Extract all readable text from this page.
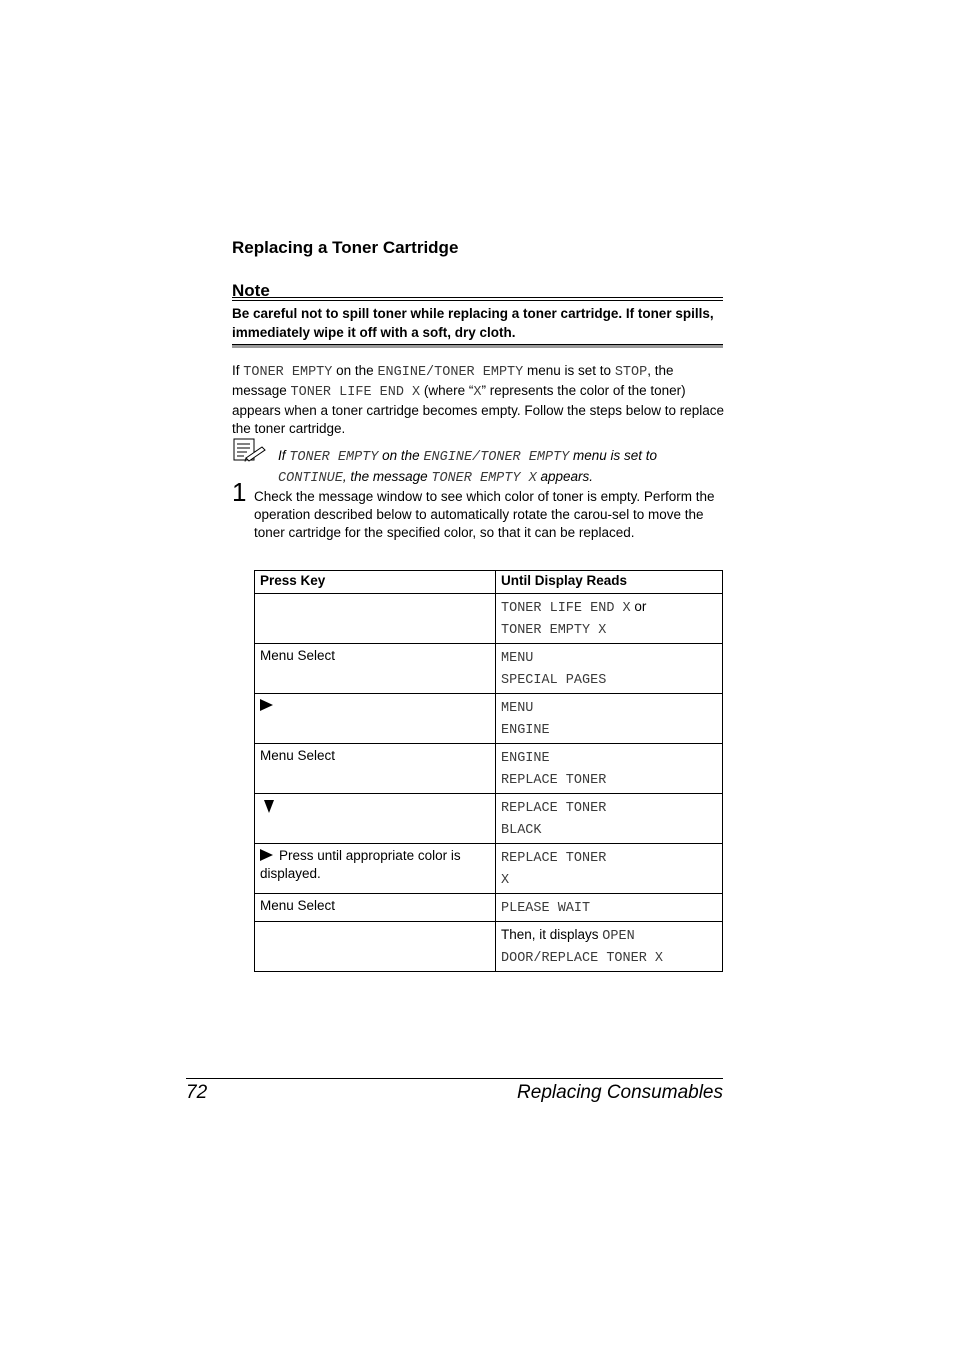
Replacing a Toner Cartridge
Note
Be careful not to spill toner while replacing a toner cartridge. If toner spills, immediately wipe it off with a soft, dry cloth.
If TONER EMPTY on the ENGINE/TONER EMPTY menu is set to STOP, the message TONER LIFE END X (where “X” represents the color of the toner) appears when a toner cartridge becomes empty. Follow the steps below to replace the toner cartridge.
If TONER EMPTY on the ENGINE/TONER EMPTY menu is set to CONTINUE, the message TONER EMPTY X appears.
1 Check the message window to see which color of toner is empty. Perform the operation described below to automatically rotate the carou-sel to move the toner cartridge for the specified color, so that it can be replaced.
Press Key	Until Display Reads
	TONER LIFE END X or
TONER EMPTY X
Menu Select	MENU
SPECIAL PAGES
	MENU
ENGINE
Menu Select	ENGINE
REPLACE TONER
	REPLACE TONER
BLACK
Press until appropriate color is displayed.	REPLACE TONER
X
Menu Select	PLEASE WAIT
	Then, it displays OPEN
DOOR/REPLACE TONER X
72	Replacing Consumables
